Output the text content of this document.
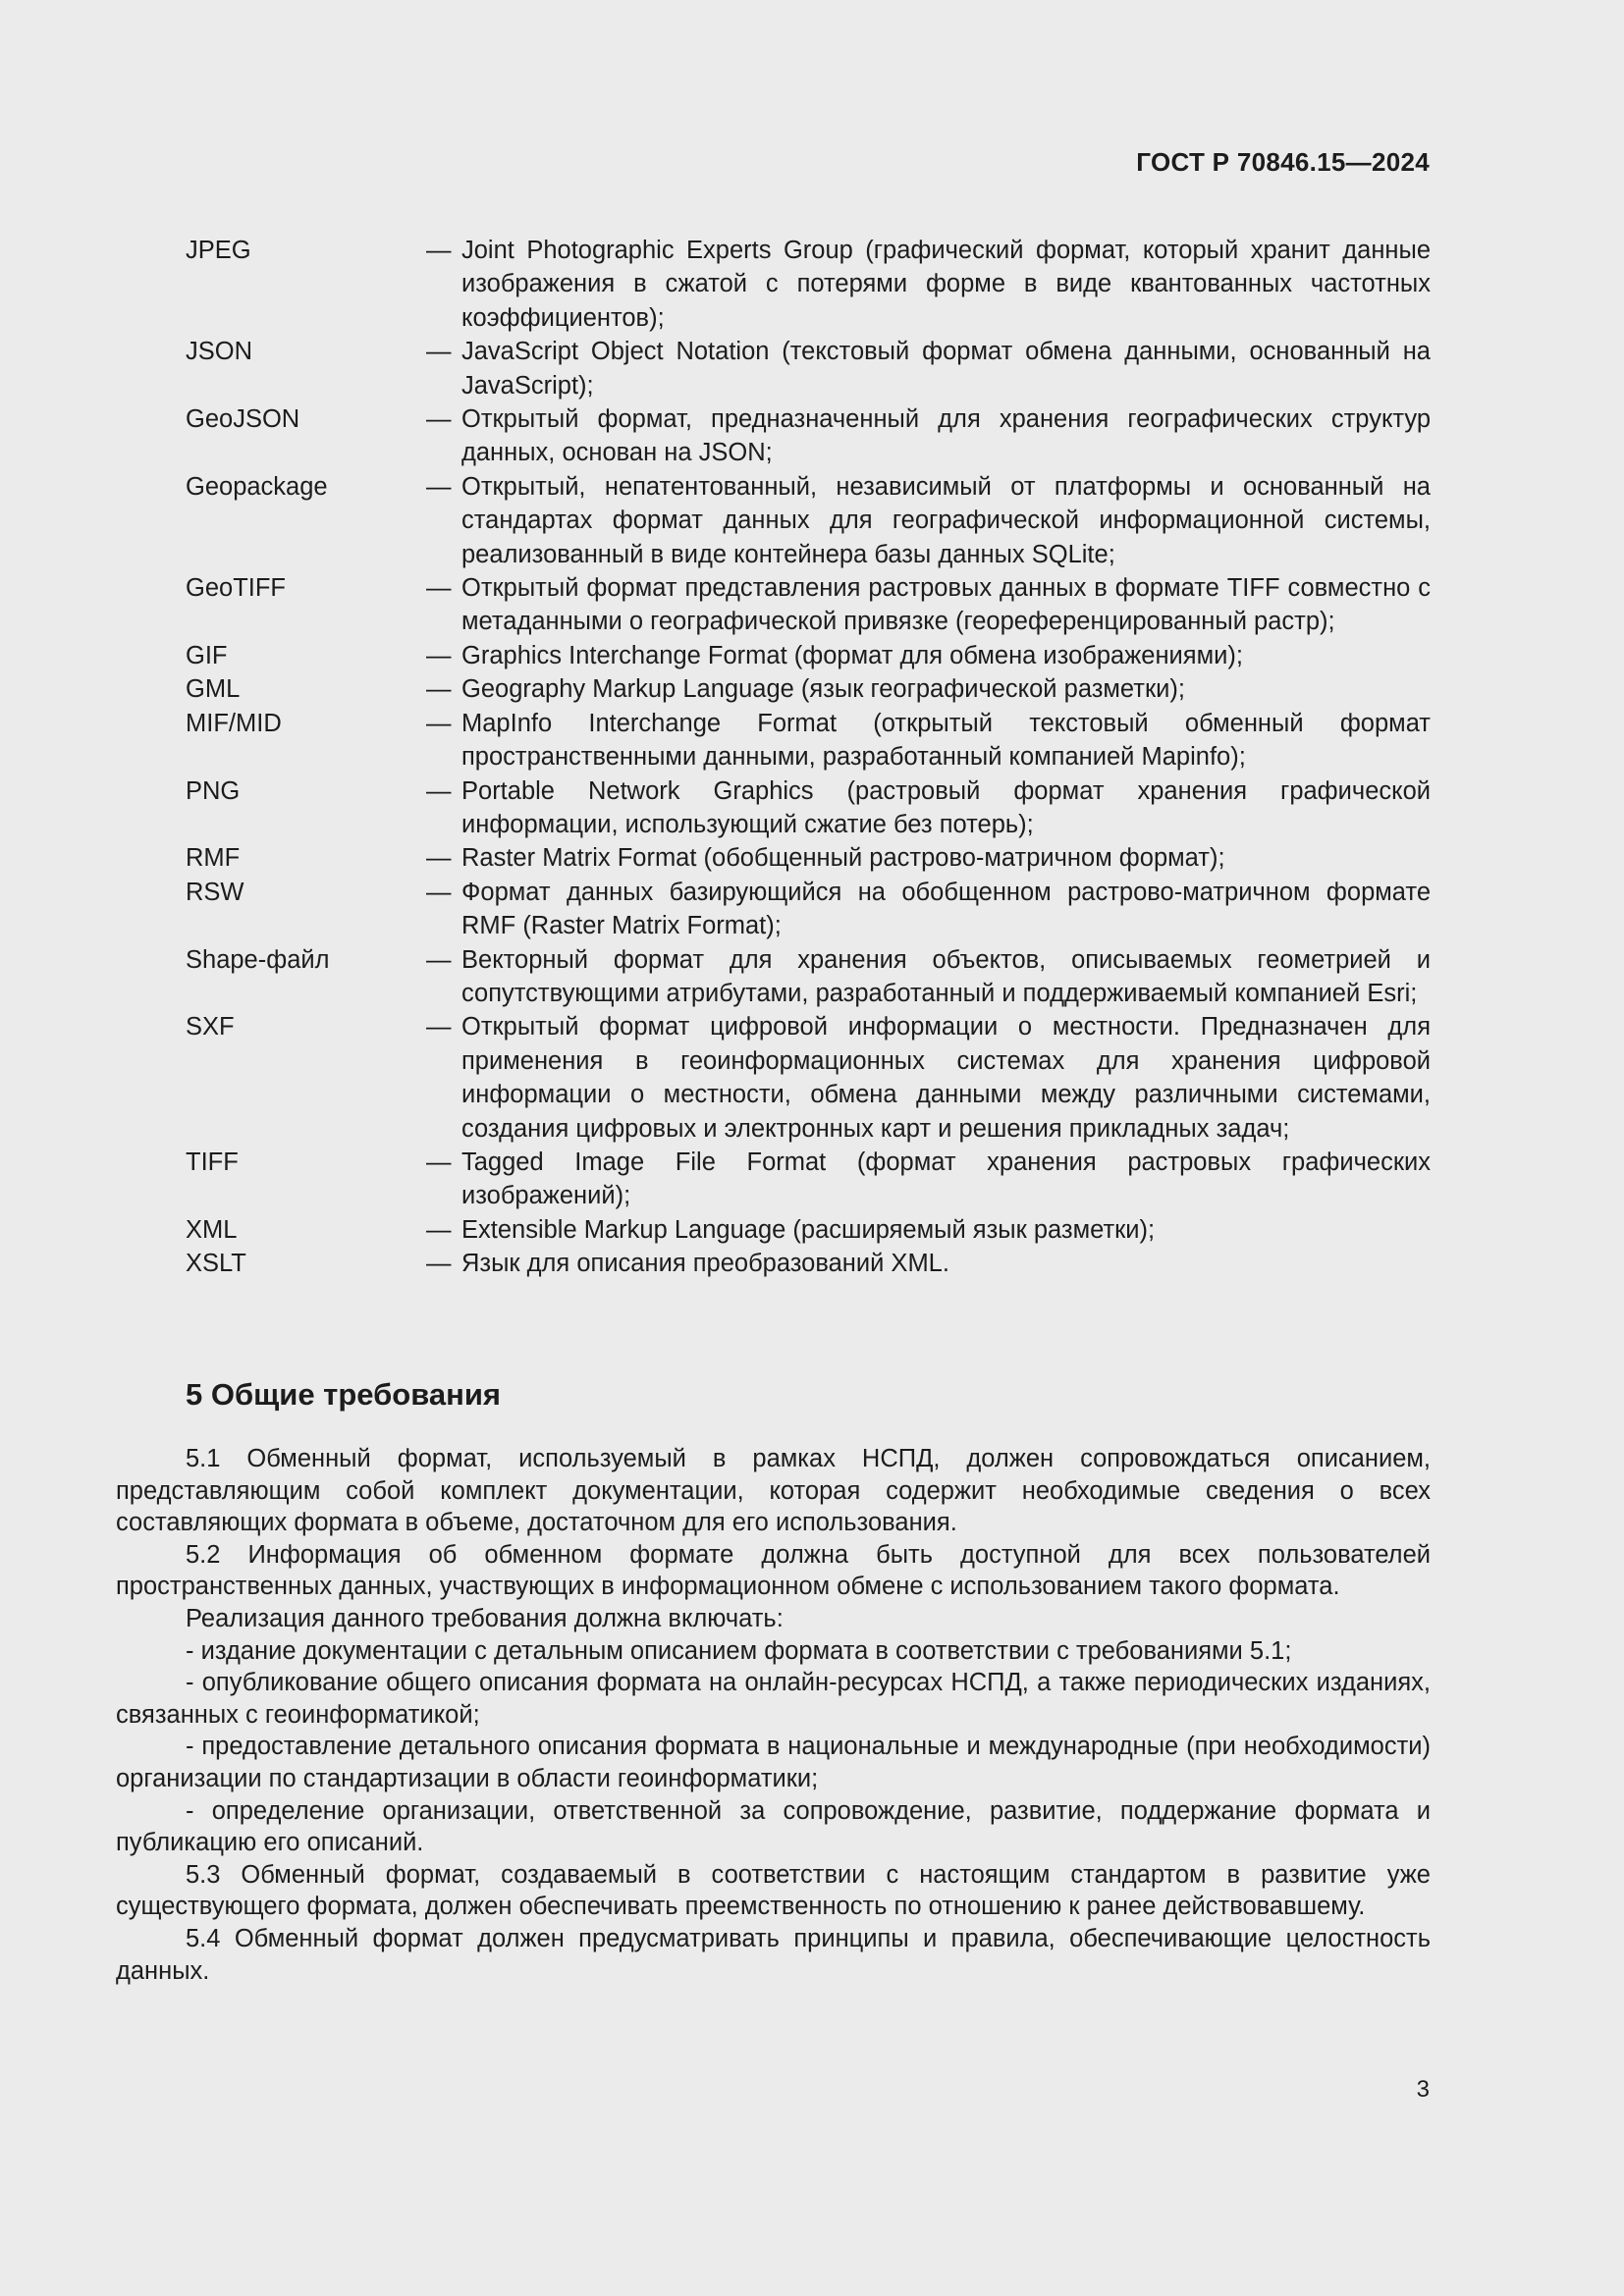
ГОСТ Р 70846.15—2024
JPEG	— Joint Photographic Experts Group (графический формат, который хранит данные изображения в сжатой с потерями форме в виде квантованных частотных коэффициентов);
JSON	— JavaScript Object Notation (текстовый формат обмена данными, основанный на JavaScript);
GeoJSON	— Открытый формат, предназначенный для хранения географических структур данных, основан на JSON;
Geopackage	— Открытый, непатентованный, независимый от платформы и основанный на стандартах формат данных для географической информационной системы, реализованный в виде контейнера базы данных SQLite;
GeoTIFF	— Открытый формат представления растровых данных в формате TIFF совместно с метаданными о географической привязке (геореференцированный растр);
GIF	— Graphics Interchange Format (формат для обмена изображениями);
GML	— Geography Markup Language (язык географической разметки);
MIF/MID	— MapInfo Interchange Format (открытый текстовый обменный формат пространственными данными, разработанный компанией Mapinfo);
PNG	— Portable Network Graphics (растровый формат хранения графической информации, использующий сжатие без потерь);
RMF	— Raster Matrix Format (обобщенный растрово-матричном формат);
RSW	— Формат данных базирующийся на обобщенном растрово-матричном формате RMF (Raster Matrix Format);
Shape-файл	— Векторный формат для хранения объектов, описываемых геометрией и сопутствующими атрибутами, разработанный и поддерживаемый компанией Esri;
SXF	— Открытый формат цифровой информации о местности. Предназначен для применения в геоинформационных системах для хранения цифровой информации о местности, обмена данными между различными системами, создания цифровых и электронных карт и решения прикладных задач;
TIFF	— Tagged Image File Format (формат хранения растровых графических изображений);
XML	— Extensible Markup Language (расширяемый язык разметки);
XSLT	— Язык для описания преобразований XML.
5 Общие требования

5.1 Обменный формат, используемый в рамках НСПД, должен сопровождаться описанием, представляющим собой комплект документации, которая содержит необходимые сведения о всех составляющих формата в объеме, достаточном для его использования.

5.2 Информация об обменном формате должна быть доступной для всех пользователей пространственных данных, участвующих в информационном обмене с использованием такого формата.

Реализация данного требования должна включать:

- издание документации с детальным описанием формата в соответствии с требованиями 5.1;

- опубликование общего описания формата на онлайн-ресурсах НСПД, а также периодических изданиях, связанных с геоинформатикой;

- предоставление детального описания формата в национальные и международные (при необходимости) организации по стандартизации в области геоинформатики;

- определение организации, ответственной за сопровождение, развитие, поддержание формата и публикацию его описаний.

5.3 Обменный формат, создаваемый в соответствии с настоящим стандартом в развитие уже существующего формата, должен обеспечивать преемственность по отношению к ранее действовавшему.

5.4 Обменный формат должен предусматривать принципы и правила, обеспечивающие целостность данных.

3
